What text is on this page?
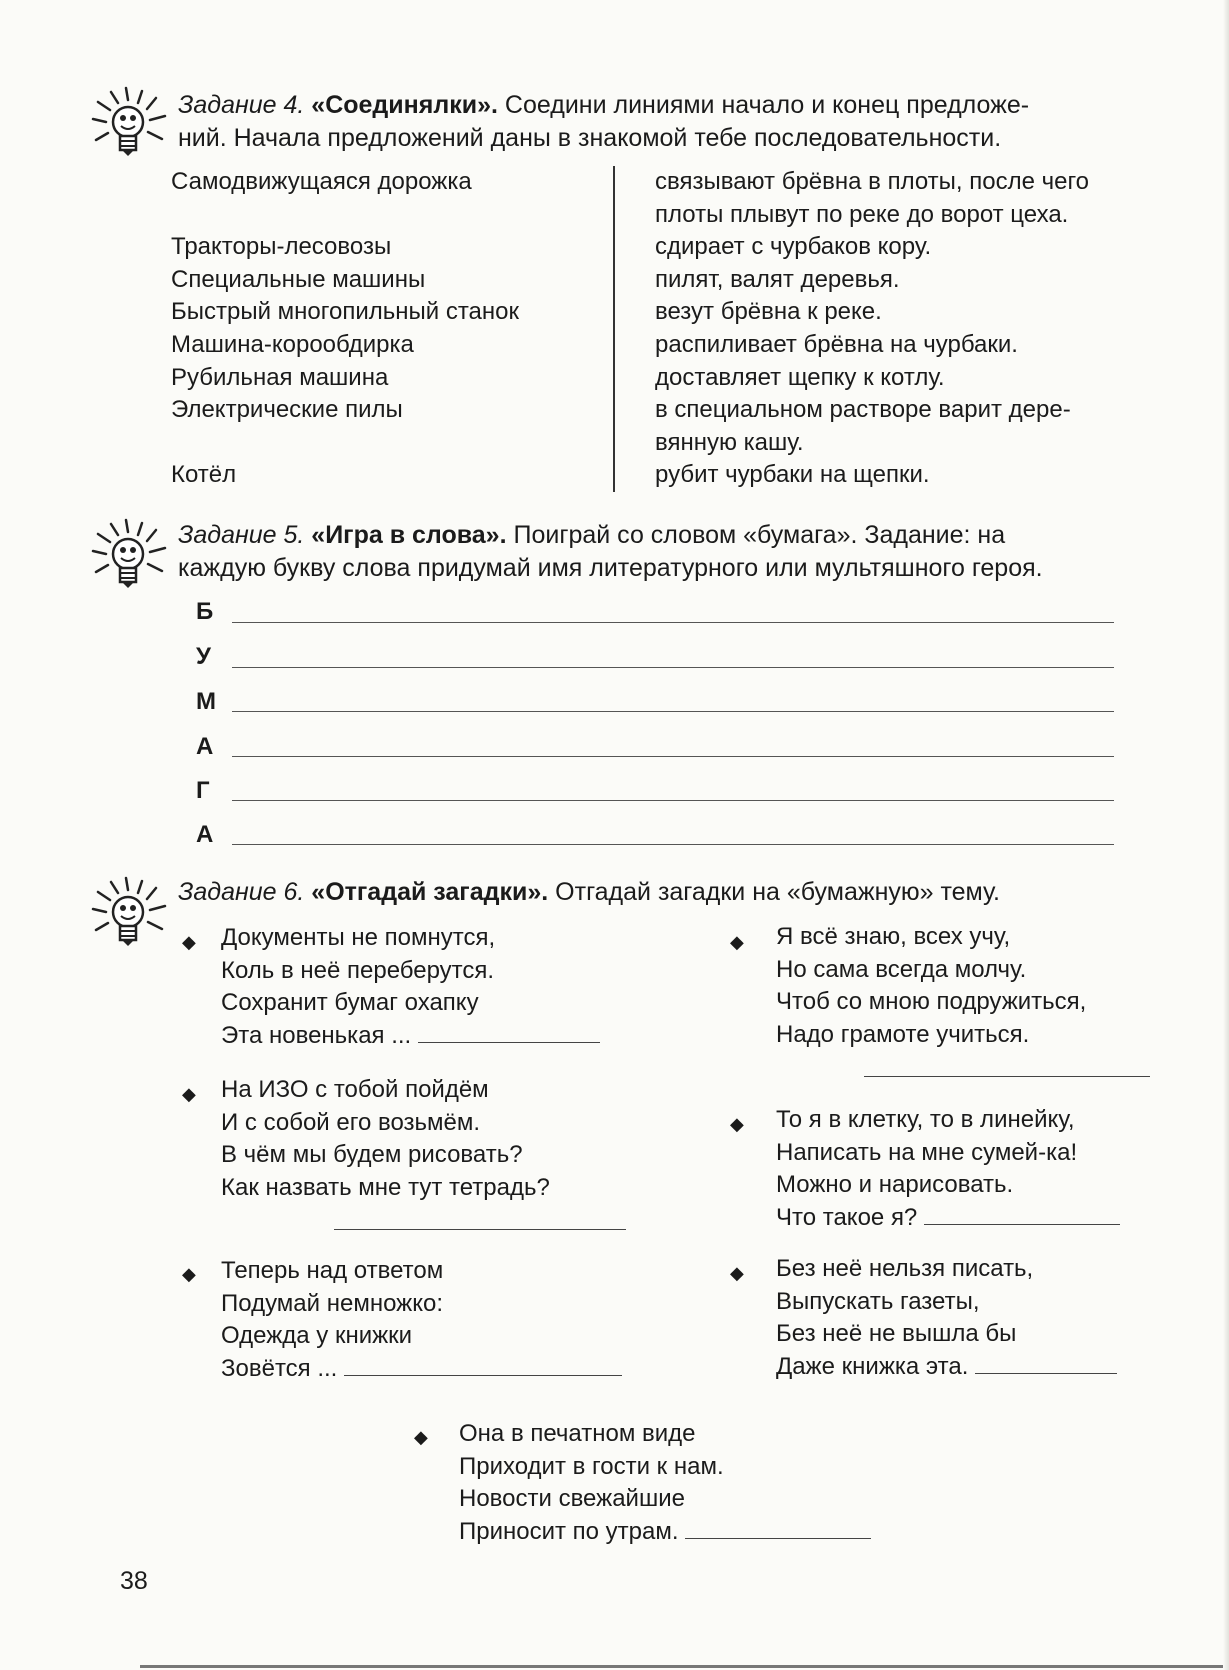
Задание 4. «Соединялки». Соедини линиями начало и конец предложе-
ний. Начала предложений даны в знакомой тебе последовательности.
Самодвижущаяся дорожка
Тракторы-лесовозы
Специальные машины
Быстрый многопильный станок
Машина-корообдирка
Рубильная машина
Электрические пилы
Котёл
связывают брёвна в плоты, после чего
плоты плывут по реке до ворот цеха.
сдирает с чурбаков кору.
пилят, валят деревья.
везут брёвна к реке.
распиливает брёвна на чурбаки.
доставляет щепку к котлу.
в специальном растворе варит дере-
вянную кашу.
рубит чурбаки на щепки.
Задание 5. «Игра в слова». Поиграй со словом «бумага». Задание: на
каждую букву слова придумай имя литературного или мультяшного героя.
Б
У
М
А
Г
А
Задание 6. «Отгадай загадки». Отгадай загадки на «бумажную» тему.
◆ Документы не помнутся,
Коль в неё переберутся.
Сохранит бумаг охапку
Эта новенькая ...
◆ Я всё знаю, всех учу,
Но сама всегда молчу.
Чтоб со мною подружиться,
Надо грамоте учиться.
◆ На ИЗО с тобой пойдём
И с собой его возьмём.
В чём мы будем рисовать?
Как назвать мне тут тетрадь?
◆ То я в клетку, то в линейку,
Написать на мне сумей-ка!
Можно и нарисовать.
Что такое я?
◆ Теперь над ответом
Подумай немножко:
Одежда у книжки
Зовётся ...
◆ Без неё нельзя писать,
Выпускать газеты,
Без неё не вышла бы
Даже книжка эта.
◆ Она в печатном виде
Приходит в гости к нам.
Новости свежайшие
Приносит по утрам.
38
